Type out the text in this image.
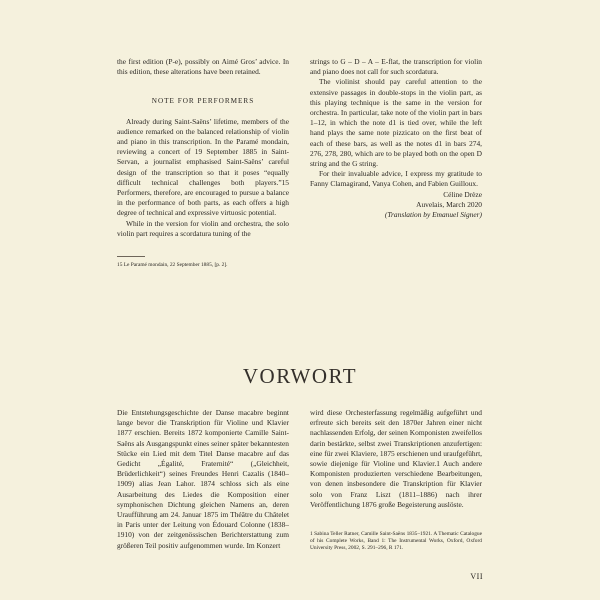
the first edition (P-e), possibly on Aimé Gros’ advice. In this edition, these alterations have been retained.

NOTE FOR PERFORMERS

Already during Saint-Saëns’ lifetime, members of the audience remarked on the balanced relationship of violin and piano in this transcription. In the Paramé mondain, reviewing a concert of 19 September 1885 in Saint-Servan, a journalist emphasised Saint-Saëns’ careful design of the transcription so that it poses “equally difficult technical challenges both players.”15 Performers, therefore, are encouraged to pursue a balance in the performance of both parts, as each offers a high degree of technical and expressive virtuosic potential.

While in the version for violin and orchestra, the solo violin part requires a scordatura tuning of the

strings to G – D – A – E-flat, the transcription for violin and piano does not call for such scordatura.

The violinist should pay careful attention to the extensive passages in double-stops in the violin part, as this playing technique is the same in the version for orchestra. In particular, take note of the violin part in bars 1–12, in which the note d1 is tied over, while the left hand plays the same note pizzicato on the first beat of each of these bars, as well as the notes d1 in bars 274, 276, 278, 280, which are to be played both on the open D string and the G string.

For their invaluable advice, I express my gratitude to Fanny Clamagirand, Vanya Cohen, and Fabien Guilloux.

Céline Drèze
Auvelais, March 2020
(Translation by Emanuel Signer)
15 Le Paramé mondain, 22 September 1885, [p. 2].
VORWORT

Die Entstehungsgeschichte der Danse macabre beginnt lange bevor die Transkription für Violine und Klavier 1877 erschien. Bereits 1872 komponierte Camille Saint-Saëns als Ausgangspunkt eines seiner später bekanntesten Stücke ein Lied mit dem Titel Danse macabre auf das Gedicht „Égalité, Fraternité“ („Gleichheit, Brüderlichkeit“) seines Freundes Henri Cazalis (1840–1909) alias Jean Lahor. 1874 schloss sich als eine Ausarbeitung des Liedes die Komposition einer symphonischen Dichtung gleichen Namens an, deren Uraufführung am 24. Januar 1875 im Théâtre du Châtelet in Paris unter der Leitung von Édouard Colonne (1838–1910) von der zeitgenössischen Berichterstattung zum größeren Teil positiv aufgenommen wurde. Im Konzert

wird diese Orchesterfassung regelmäßig aufgeführt und erfreute sich bereits seit den 1870er Jahren einer nicht nachlassenden Erfolg, der seinen Komponisten zweifellos darin bestärkte, selbst zwei Transkriptionen anzufertigen: eine für zwei Klaviere, 1875 erschienen und uraufgeführt, sowie diejenige für Violine und Klavier.1 Auch andere Komponisten produzierten verschiedene Bearbeitungen, von denen insbesondere die Transkription für Klavier solo von Franz Liszt (1811–1886) nach ihrer Veröffentlichung 1876 große Begeisterung auslöste.

1 Sabina Teller Ratner, Camille Saint-Saëns 1835–1921. A Thematic Catalogue of his Complete Works, Band 1: The Instrumental Works, Oxford, Oxford University Press, 2002, S. 291–296, R 171.
VII
